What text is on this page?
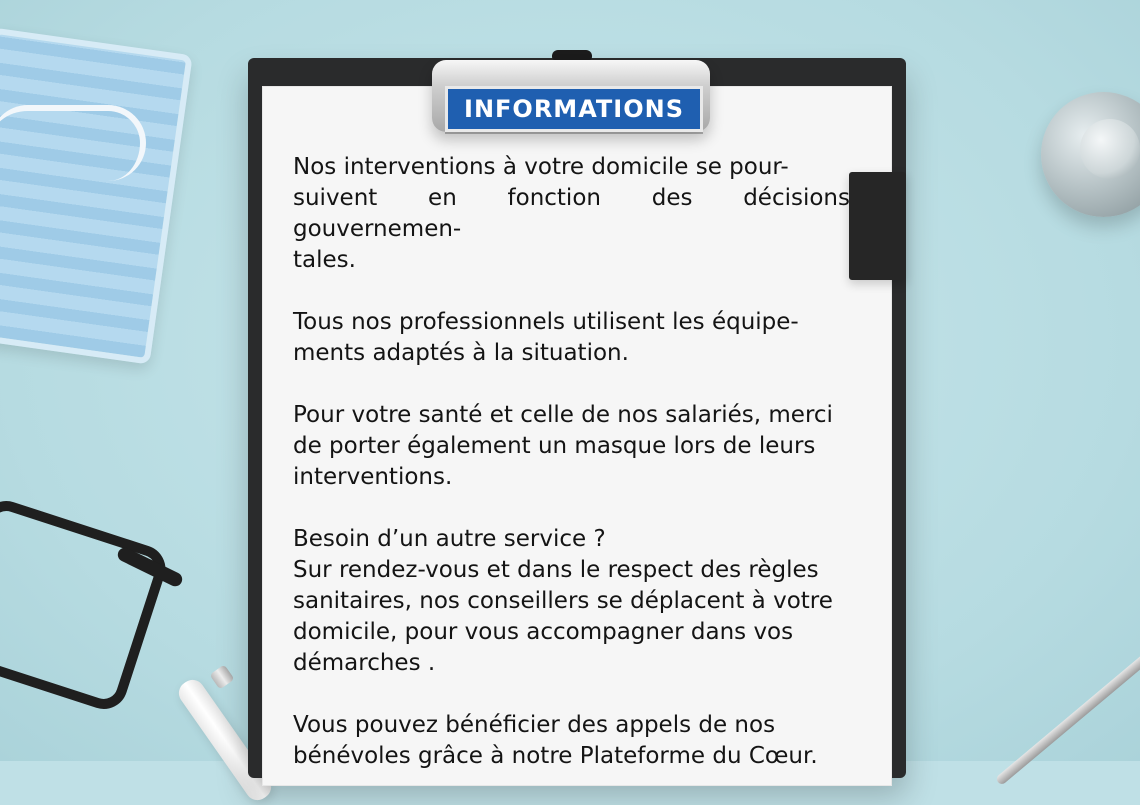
INFORMATIONS

Nos interventions à votre domicile se pour-
suivent en fonction des décisions gouvernemen-
tales.

Tous nos professionnels utilisent les équipe-
ments adaptés à la situation.

Pour votre santé et celle de nos salariés, merci
de porter également un masque lors de leurs
interventions.

Besoin d’un autre service ?
Sur rendez-vous et dans le respect des règles
sanitaires, nos conseillers se déplacent à votre
domicile, pour vous accompagner dans vos
démarches .

Vous pouvez bénéficier des appels de nos
bénévoles grâce à notre Plateforme du Cœur.
